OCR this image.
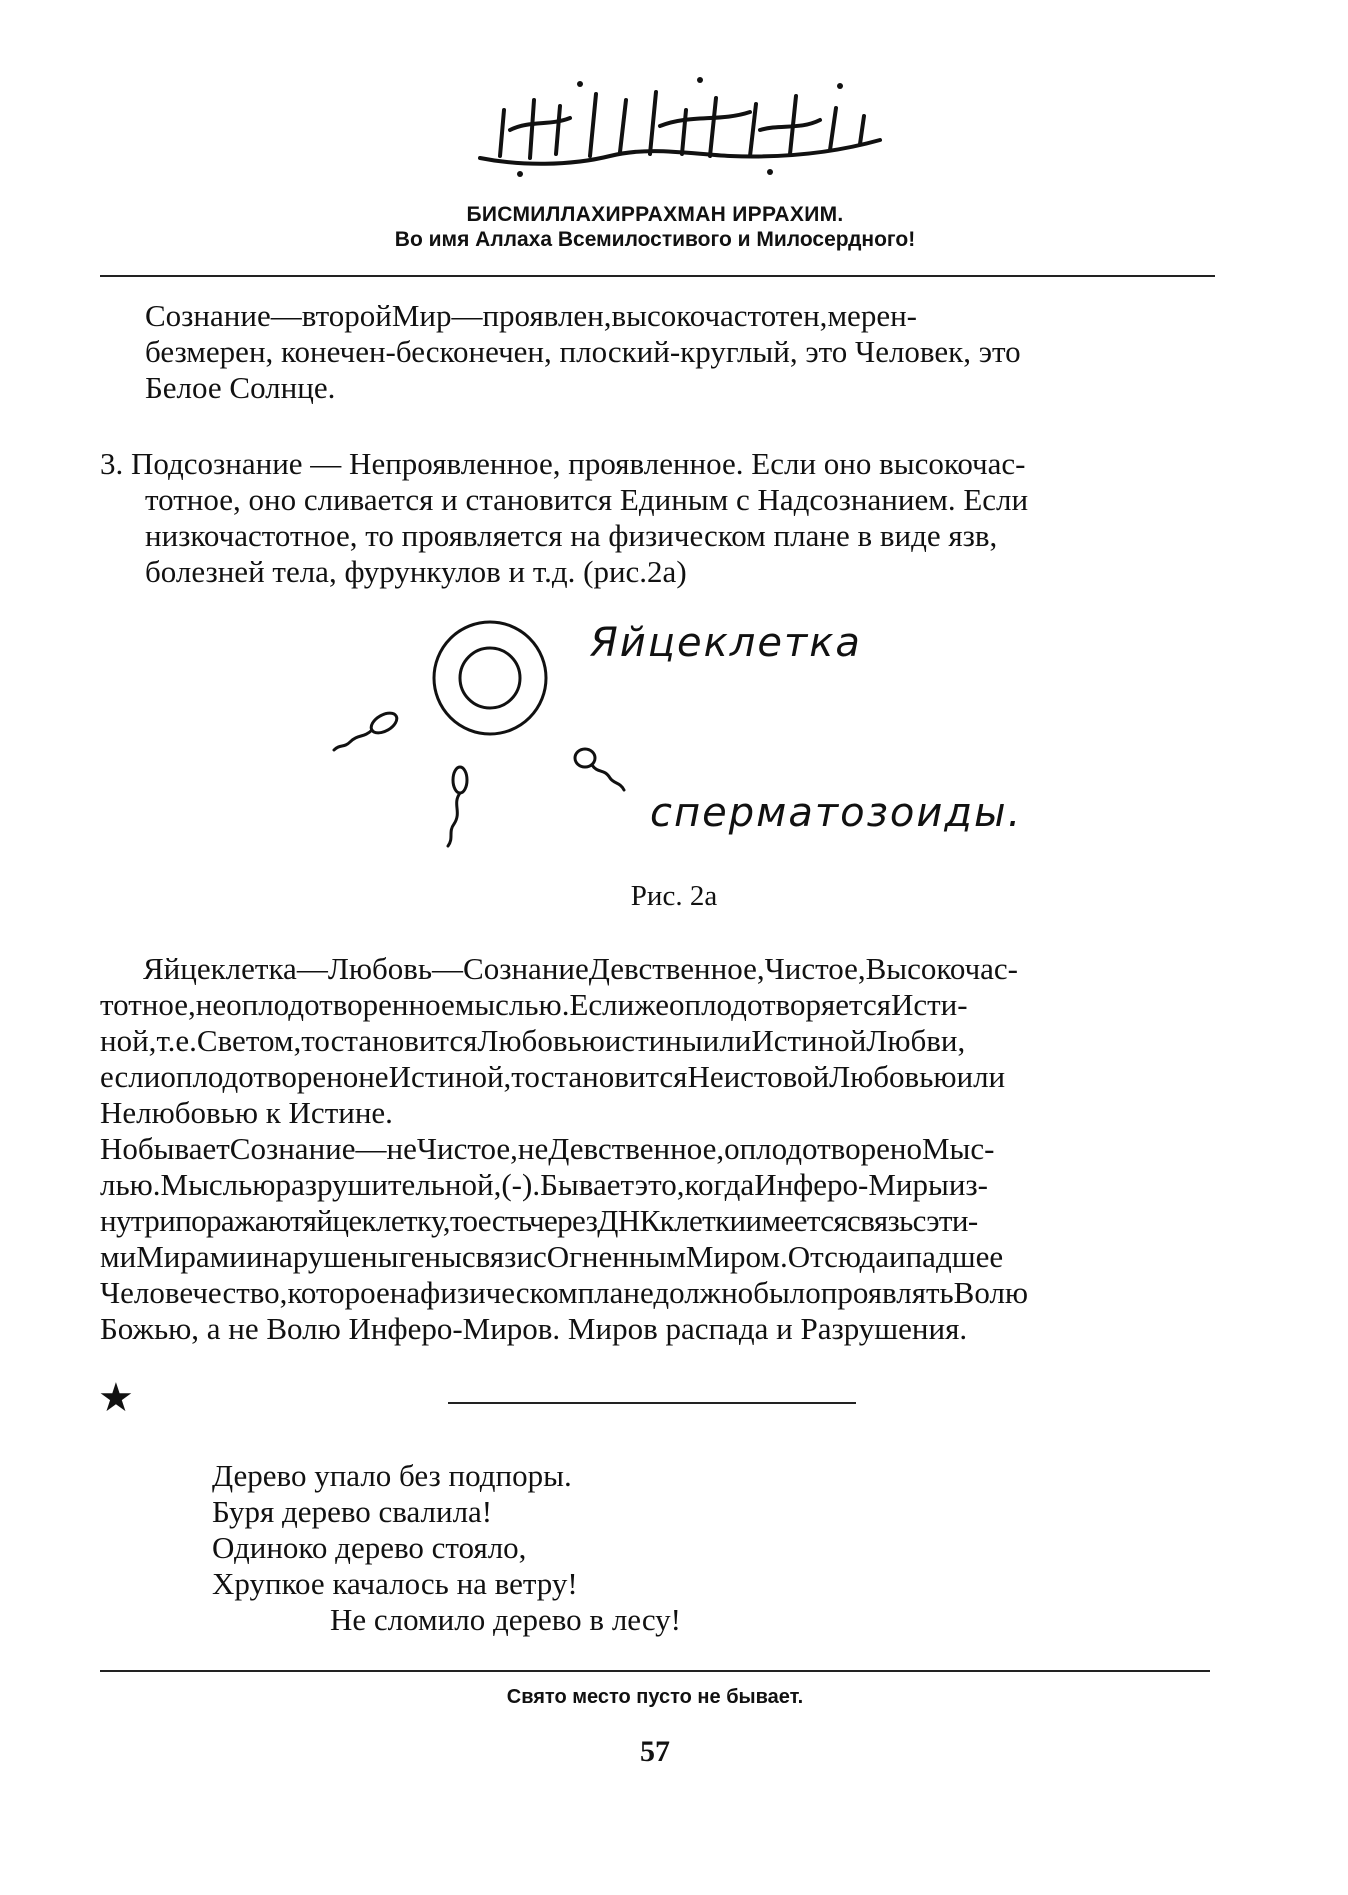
БИСМИЛЛАХИРРАХМАН ИРРАХИМ.
Во имя Аллаха Всемилостивого и Милосердного!
Сознание—второйМир—проявлен,высокочастотен,мерен-
безмерен, конечен-бесконечен, плоский-круглый, это Человек, это
Белое Солнце.
3. Подсознание — Непроявленное, проявленное. Если оно высокочас-
тотное, оно сливается и становится Единым с Надсознанием. Если
низкочастотное, то проявляется на физическом плане в виде язв,
болезней тела, фурункулов и т.д. (рис.2а)
Яйцеклетка
сперматозоиды.
Рис. 2а
Яйцеклетка—Любовь—СознаниеДевственное,Чистое,Высокочас-
тотное,неоплодотворенноемыслью.ЕслижеоплодотворяетсяИсти-
ной,т.е.Светом,тостановитсяЛюбовьюистиныилиИстинойЛюбви,
еслиоплодотворенонеИстиной,тостановитсяНеистовойЛюбовьюили
Нелюбовью к Истине.
НобываетСознание—неЧистое,неДевственное,оплодотвореноМыс-
лью.Мысльюразрушительной,(-).Бываетэто,когдаИнферо-Мирыиз-
нутрипоражаютяйцеклетку,тоестьчерезДНКклеткиимеетсясвязьсэти-
миМирамиинарушеныгенысвязисОгненнымМиром.Отсюдаипадшее
Человечество,котороенафизическомпланедолжнобылопроявлятьВолю
Божью, а не Волю Инферо-Миров. Миров распада и Разрушения.
★
Дерево упало без подпоры.
Буря дерево свалила!
Одиноко дерево стояло,
Хрупкое качалось на ветру!
Не сломило дерево в лесу!
Свято место пусто не бывает.
57
